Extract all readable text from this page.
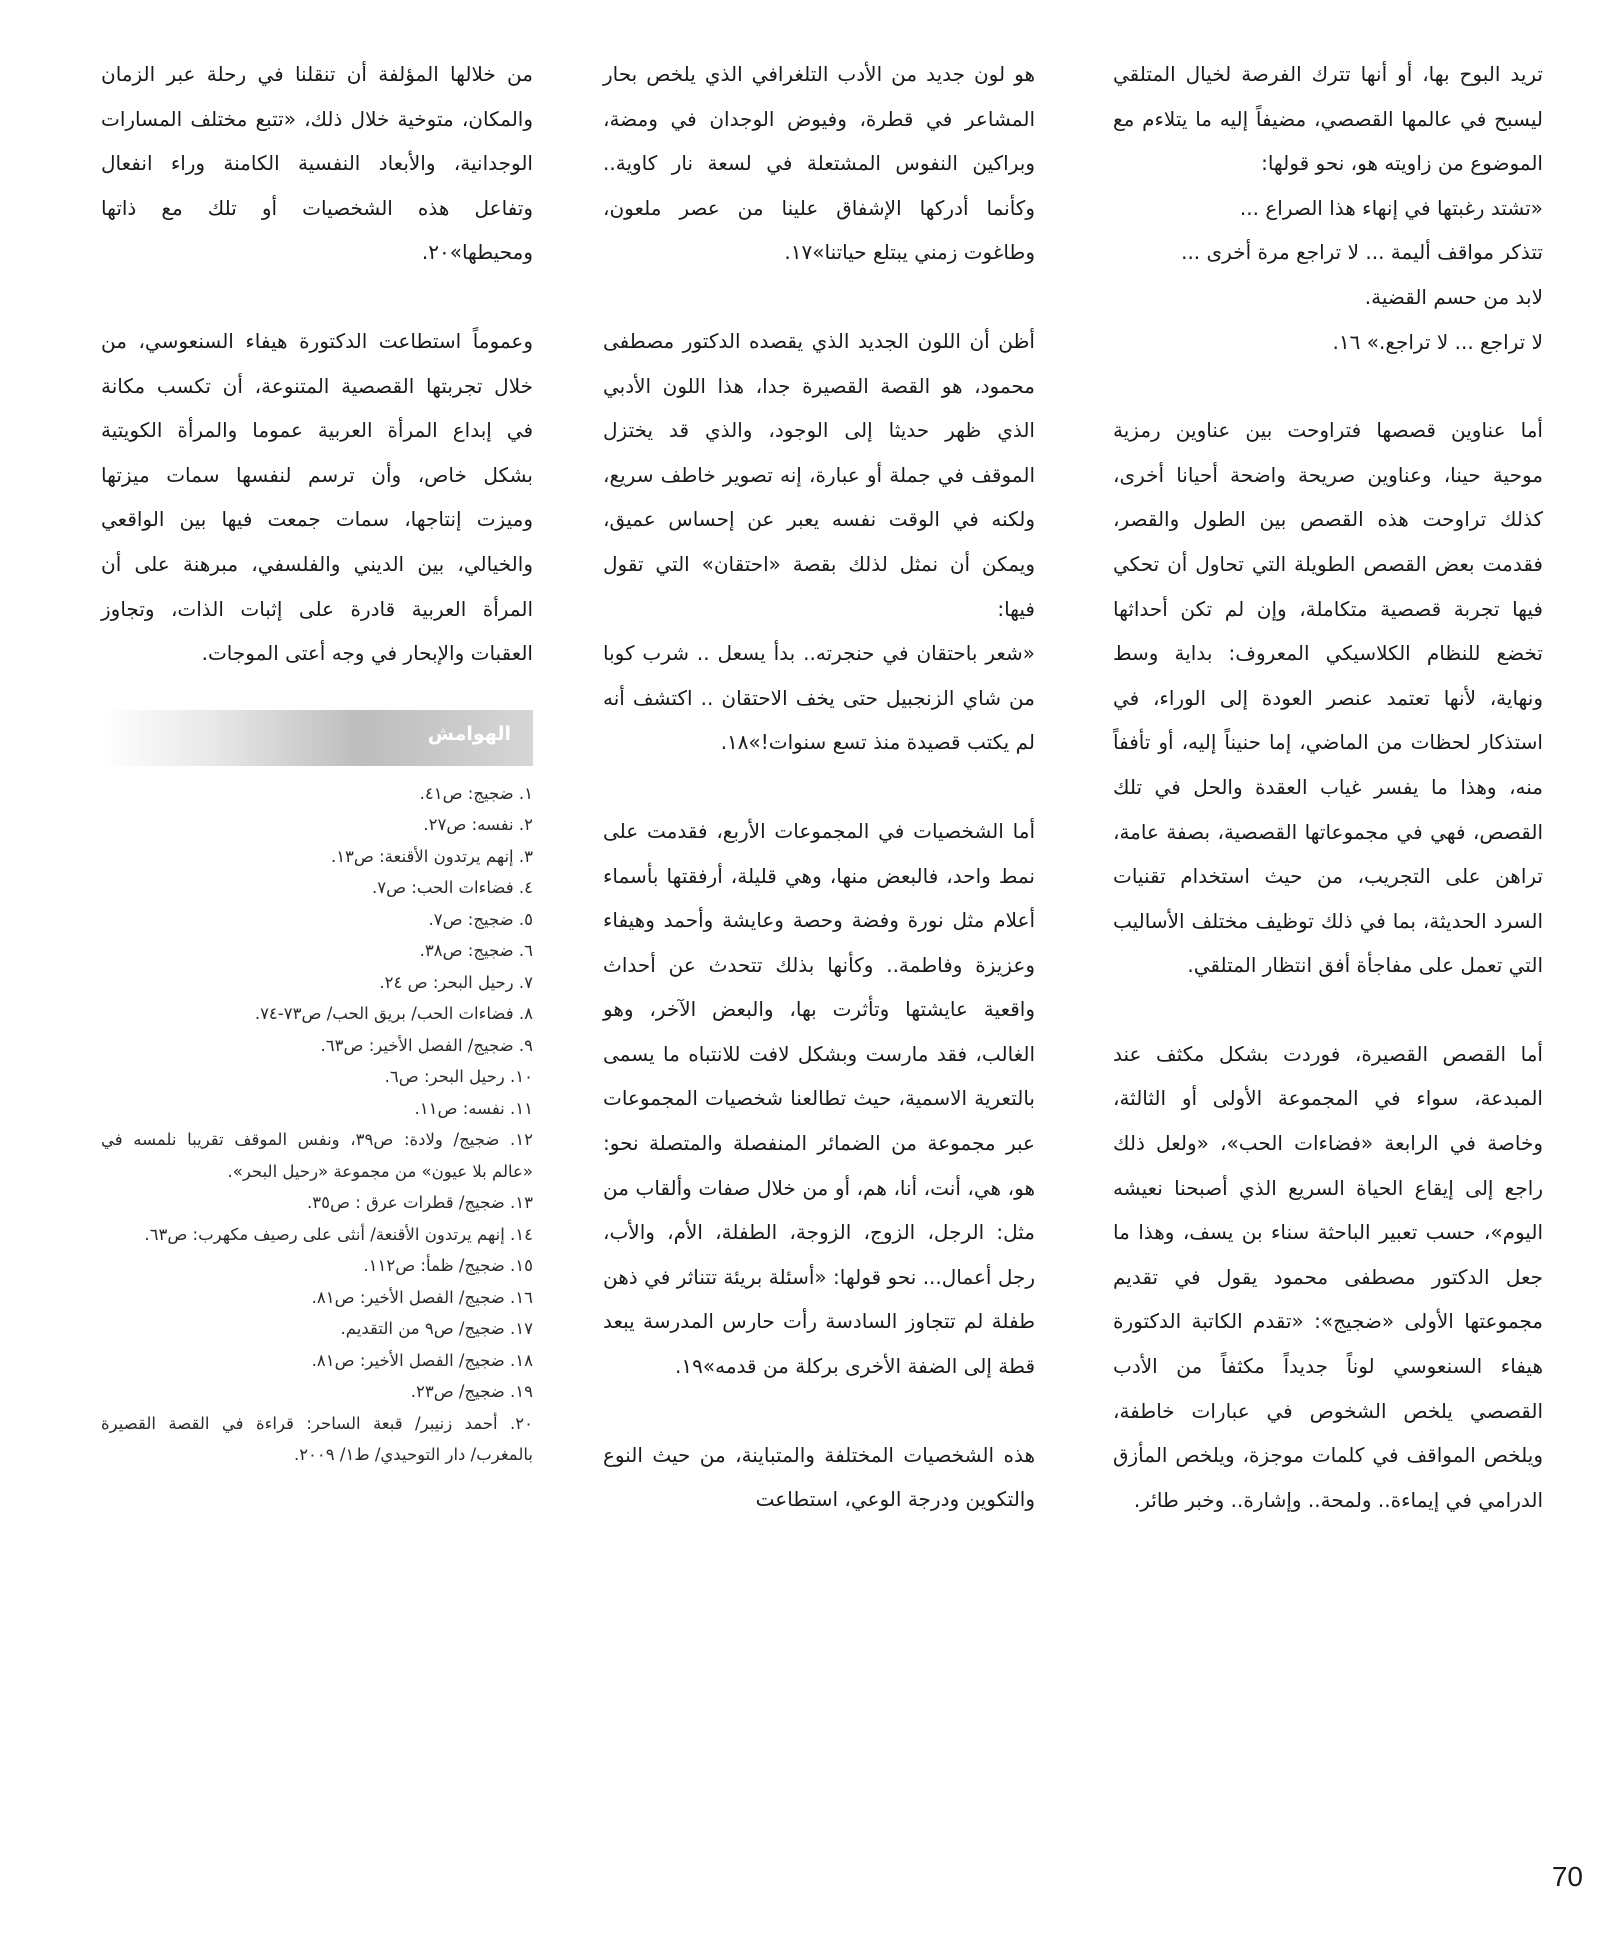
تريد البوح بها، أو أنها تترك الفرصة لخيال المتلقي ليسبح في عالمها القصصي، مضيفاً إليه ما يتلاءم مع الموضوع من زاويته هو، نحو قولها:

«تشتد رغبتها في إنهاء هذا الصراع ...

تتذكر مواقف أليمة ... لا تراجع مرة أخرى ...

لابد من حسم القضية.

لا تراجع ... لا تراجع.» ١٦.

أما عناوين قصصها فتراوحت بين عناوين رمزية موحية حينا، وعناوين صريحة واضحة أحيانا أخرى، كذلك تراوحت هذه القصص بين الطول والقصر، فقدمت بعض القصص الطويلة التي تحاول أن تحكي فيها تجربة قصصية متكاملة، وإن لم تكن أحداثها تخضع للنظام الكلاسيكي المعروف: بداية وسط ونهاية، لأنها تعتمد عنصر العودة إلى الوراء، في استذكار لحظات من الماضي، إما حنيناً إليه، أو تأففاً منه، وهذا ما يفسر غياب العقدة والحل في تلك القصص، فهي في مجموعاتها القصصية، بصفة عامة، تراهن على التجريب، من حيث استخدام تقنيات السرد الحديثة، بما في ذلك توظيف مختلف الأساليب التي تعمل على مفاجأة أفق انتظار المتلقي.

أما القصص القصيرة، فوردت بشكل مكثف عند المبدعة، سواء في المجموعة الأولى أو الثالثة، وخاصة في الرابعة «فضاءات الحب»، «ولعل ذلك راجع إلى إيقاع الحياة السريع الذي أصبحنا نعيشه اليوم»، حسب تعبير الباحثة سناء بن يسف، وهذا ما جعل الدكتور مصطفى محمود يقول في تقديم مجموعتها الأولى «ضجيج»: «تقدم الكاتبة الدكتورة هيفاء السنعوسي لوناً جديداً مكثفاً من الأدب القصصي يلخص الشخوص في عبارات خاطفة، ويلخص المواقف في كلمات موجزة، ويلخص المأزق الدرامي في إيماءة.. ولمحة.. وإشارة.. وخبر طائر.

هو لون جديد من الأدب التلغرافي الذي يلخص بحار المشاعر في قطرة، وفيوض الوجدان في ومضة، وبراكين النفوس المشتعلة في لسعة نار كاوية.. وكأنما أدركها الإشفاق علينا من عصر ملعون، وطاغوت زمني يبتلع حياتنا»١٧.

أظن أن اللون الجديد الذي يقصده الدكتور مصطفى محمود، هو القصة القصيرة جدا، هذا اللون الأدبي الذي ظهر حديثا إلى الوجود، والذي قد يختزل الموقف في جملة أو عبارة، إنه تصوير خاطف سريع، ولكنه في الوقت نفسه يعبر عن إحساس عميق، ويمكن أن نمثل لذلك بقصة «احتقان» التي تقول فيها:

«شعر باحتقان في حنجرته.. بدأ يسعل .. شرب كوبا من شاي الزنجبيل حتى يخف الاحتقان .. اكتشف أنه لم يكتب قصيدة منذ تسع سنوات!»١٨.

أما الشخصيات في المجموعات الأربع، فقدمت على نمط واحد، فالبعض منها، وهي قليلة، أرفقتها بأسماء أعلام مثل نورة وفضة وحصة وعايشة وأحمد وهيفاء وعزيزة وفاطمة.. وكأنها بذلك تتحدث عن أحداث واقعية عايشتها وتأثرت بها، والبعض الآخر، وهو الغالب، فقد مارست وبشكل لافت للانتباه ما يسمى بالتعرية الاسمية، حيث تطالعنا شخصيات المجموعات عبر مجموعة من الضمائر المنفصلة والمتصلة نحو: هو، هي، أنت، أنا، هم، أو من خلال صفات وألقاب من مثل: الرجل، الزوج، الزوجة، الطفلة، الأم، والأب، رجل أعمال... نحو قولها: «أسئلة بريئة تتناثر في ذهن طفلة لم تتجاوز السادسة رأت حارس المدرسة يبعد قطة إلى الضفة الأخرى بركلة من قدمه»١٩.

هذه الشخصيات المختلفة والمتباينة، من حيث النوع والتكوين ودرجة الوعي، استطاعت

من خلالها المؤلفة أن تنقلنا في رحلة عبر الزمان والمكان، متوخية خلال ذلك، «تتبع مختلف المسارات الوجدانية، والأبعاد النفسية الكامنة وراء انفعال وتفاعل هذه الشخصيات أو تلك مع ذاتها ومحيطها»٢٠.

وعموماً استطاعت الدكتورة هيفاء السنعوسي، من خلال تجربتها القصصية المتنوعة، أن تكسب مكانة في إبداع المرأة العربية عموما والمرأة الكويتية بشكل خاص، وأن ترسم لنفسها سمات ميزتها وميزت إنتاجها، سمات جمعت فيها بين الواقعي والخيالي، بين الديني والفلسفي، مبرهنة على أن المرأة العربية قادرة على إثبات الذات، وتجاوز العقبات والإبحار في وجه أعتى الموجات.

الهوامش
١. ضجيج: ص٤١.
٢. نفسه: ص٢٧.
٣. إنهم يرتدون الأقنعة: ص١٣.
٤. فضاءات الحب: ص٧.
٥. ضجيج: ص٧.
٦. ضجيج: ص٣٨.
٧. رحيل البحر: ص ٢٤.
٨. فضاءات الحب/ بريق الحب/ ص٧٣-٧٤.
٩. ضجيج/ الفصل الأخير: ص٦٣.
١٠. رحيل البحر: ص٦.
١١. نفسه: ص١١.
١٢. ضجيج/ ولادة: ص٣٩، ونفس الموقف تقريبا نلمسه في «عالم بلا عيون» من مجموعة «رحيل البحر».
١٣. ضجيج/ قطرات عرق : ص٣٥.
١٤. إنهم يرتدون الأقنعة/ أنثى على رصيف مكهرب: ص٦٣.
١٥. ضجيج/ ظمأ: ص١١٢.
١٦. ضجيج/ الفصل الأخير: ص٨١.
١٧. ضجيج/ ص٩ من التقديم.
١٨. ضجيج/ الفصل الأخير: ص٨١.
١٩. ضجيج/ ص٢٣.
٢٠. أحمد زنيبر/ قبعة الساحر: قراءة في القصة القصيرة بالمغرب/ دار التوحيدي/ ط١/ ٢٠٠٩.
70
